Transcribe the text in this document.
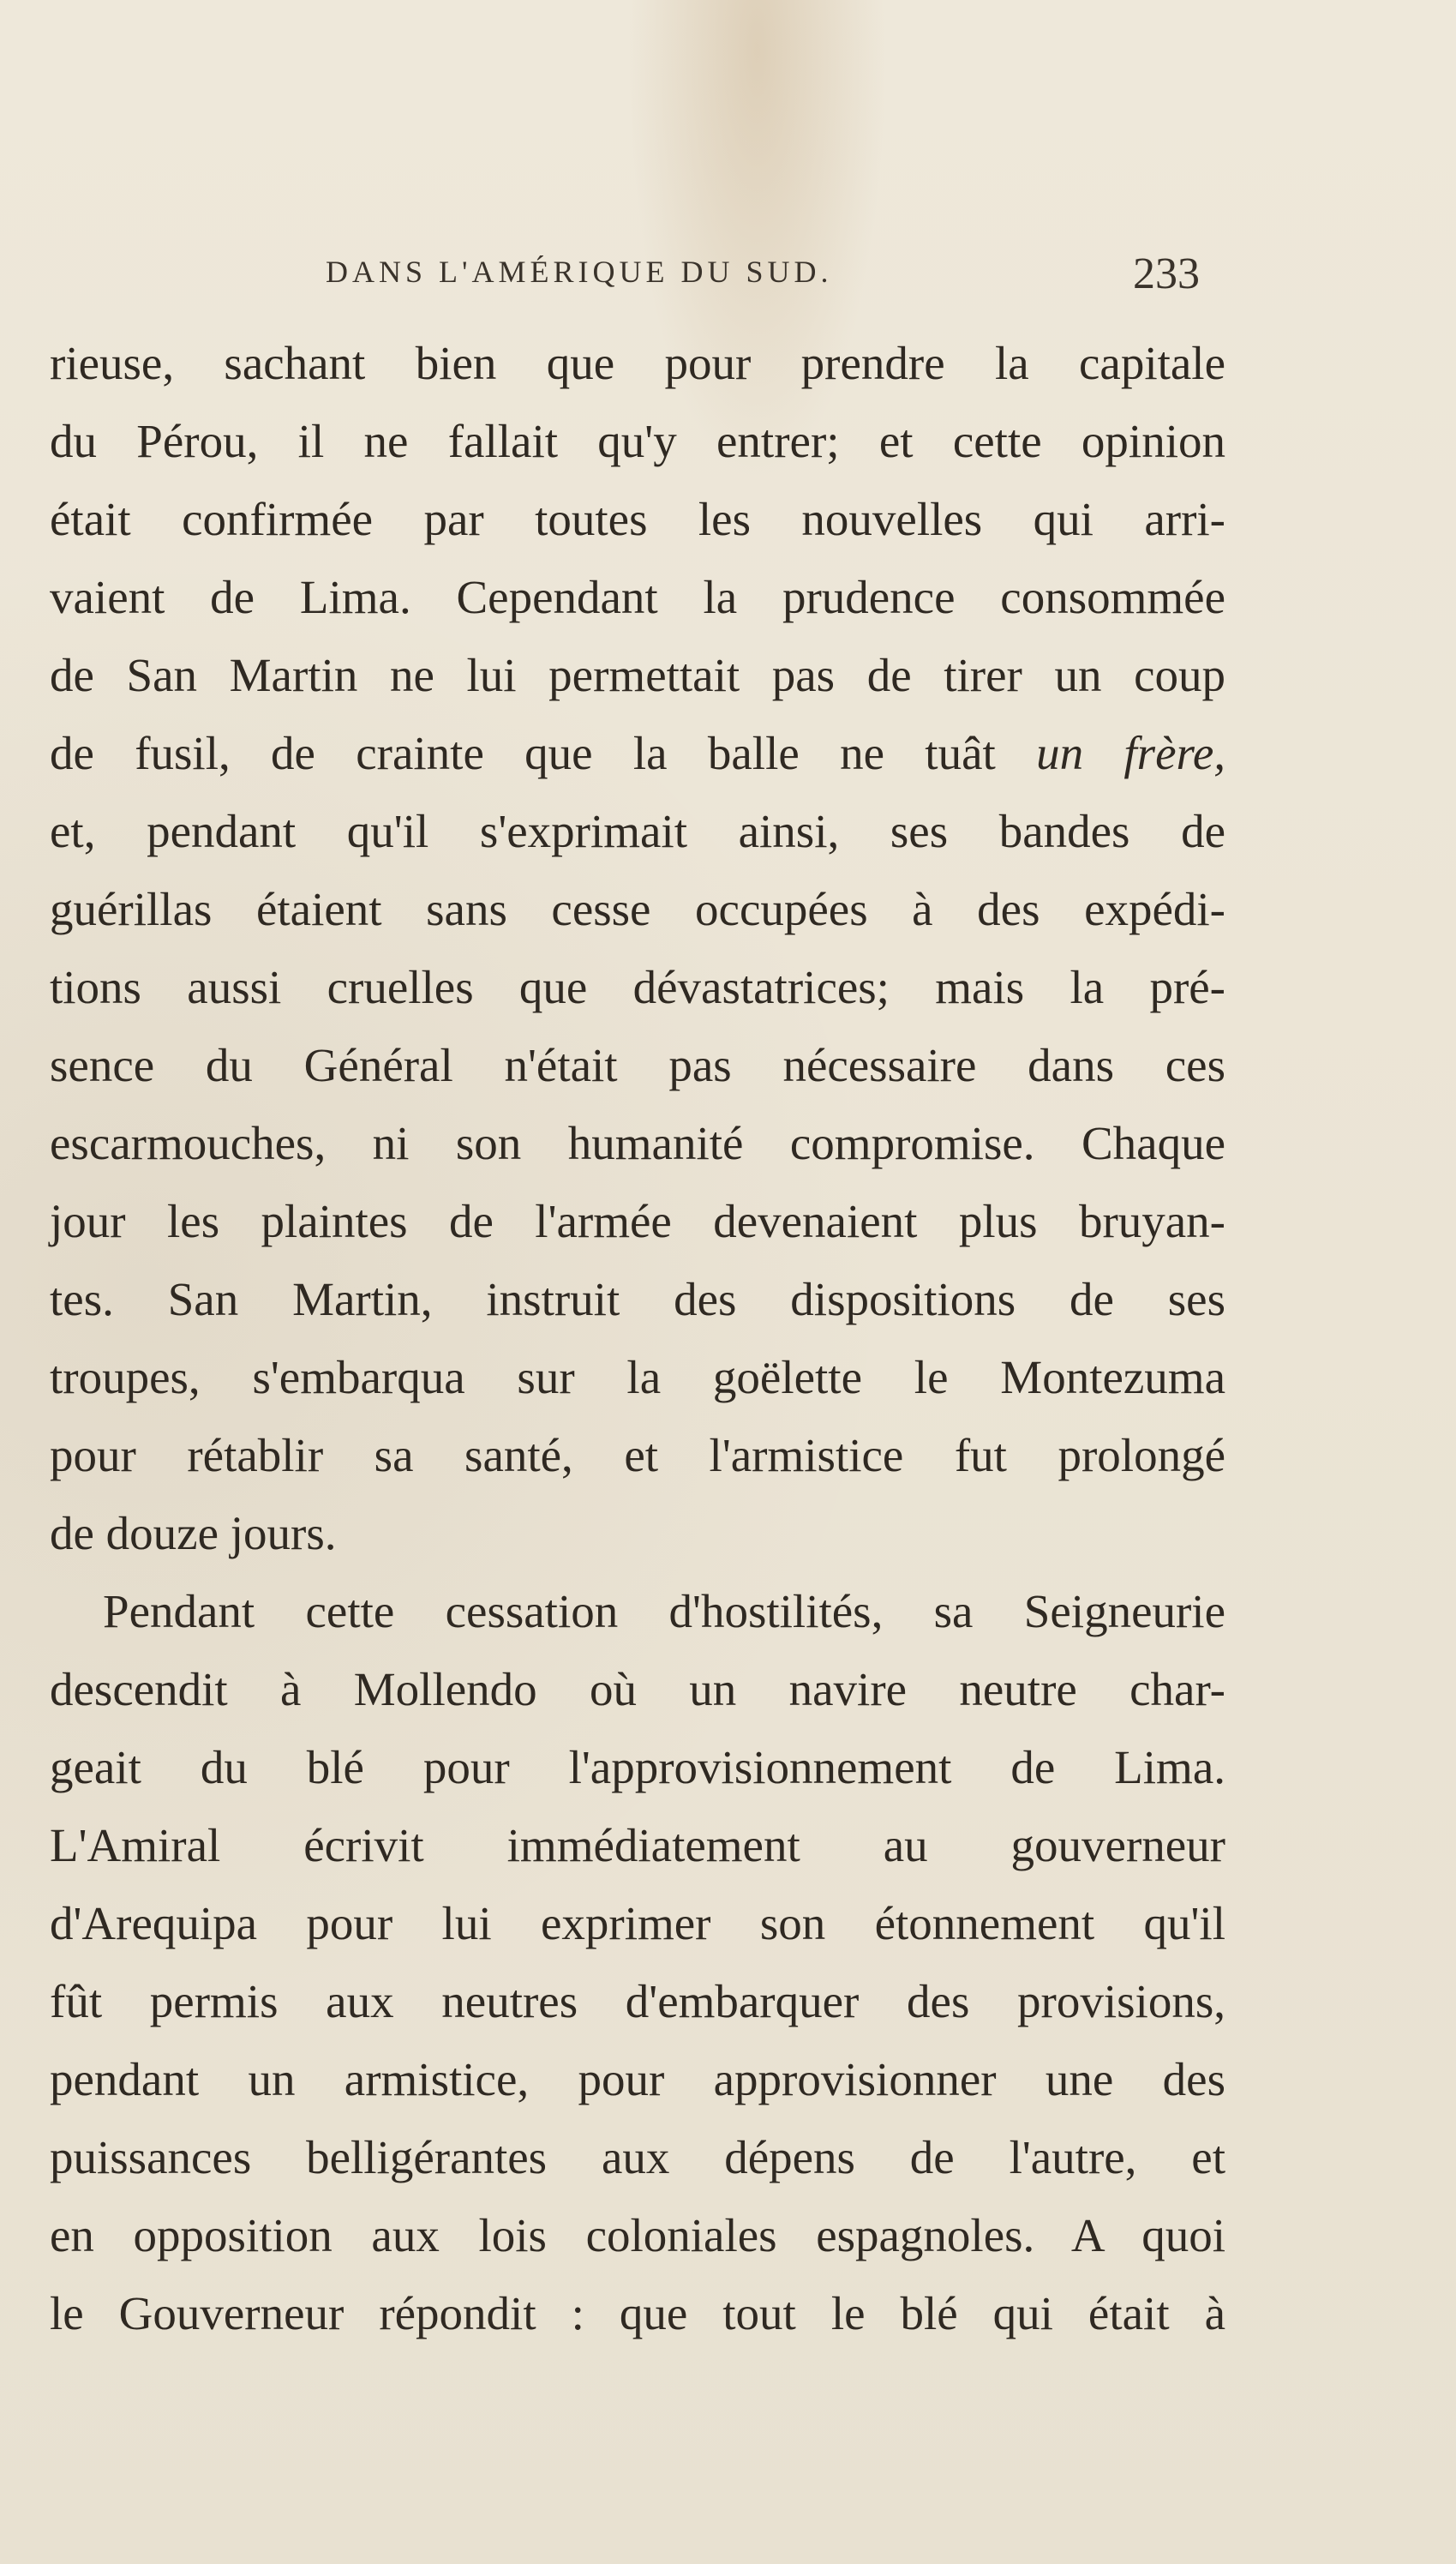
DANS L'AMÉRIQUE DU SUD.	233
rieuse, sachant bien que pour prendre la capitale
du Pérou, il ne fallait qu'y entrer; et cette opinion
était confirmée par toutes les nouvelles qui arri-
vaient de Lima. Cependant la prudence consommée
de San Martin ne lui permettait pas de tirer un coup
de fusil, de crainte que la balle ne tuât un frère,
et, pendant qu'il s'exprimait ainsi, ses bandes de
guérillas étaient sans cesse occupées à des expédi-
tions aussi cruelles que dévastatrices; mais la pré-
sence du Général n'était pas nécessaire dans ces
escarmouches, ni son humanité compromise. Chaque
jour les plaintes de l'armée devenaient plus bruyan-
tes. San Martin, instruit des dispositions de ses
troupes, s'embarqua sur la goëlette le Montezuma
pour rétablir sa santé, et l'armistice fut prolongé
de douze jours.
Pendant cette cessation d'hostilités, sa Seigneurie
descendit à Mollendo où un navire neutre char-
geait du blé pour l'approvisionnement de Lima.
L'Amiral écrivit immédiatement au gouverneur
d'Arequipa pour lui exprimer son étonnement qu'il
fût permis aux neutres d'embarquer des provisions,
pendant un armistice, pour approvisionner une des
puissances belligérantes aux dépens de l'autre, et
en opposition aux lois coloniales espagnoles. A quoi
le Gouverneur répondit : que tout le blé qui était à
